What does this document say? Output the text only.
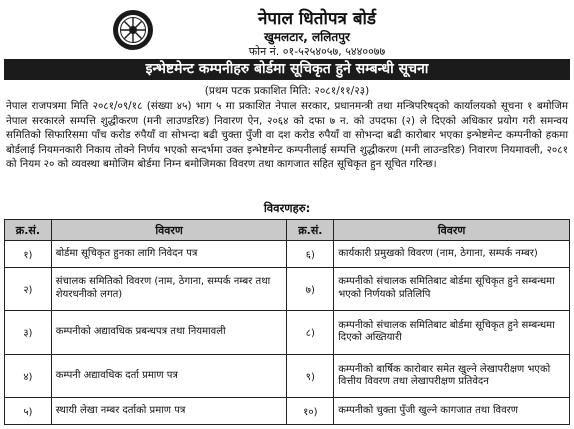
नेपाल धितोपत्र बोर्ड
खुमलटार, ललितपुर
फोन नं. ०१-५२५४०५७, ५४४००७७
इन्भेष्टमेन्ट कम्पनीहरु बोर्डमा सूचिकृत हुने सम्बन्धी सूचना
(प्रथम पटक प्रकाशित मिति: २०८१/११/२३)
नेपाल राजपत्रमा मिति २०८१/०९/१८ (संख्या ४५) भाग ५ मा प्रकाशित नेपाल सरकार, प्रधानमन्त्री तथा मन्त्रिपरिषद्को कार्यालयको सूचना १ बमोजिम नेपाल सरकारले सम्पत्ति शुद्धीकरण (मनी लाउण्डरिङ) निवारण ऐन, २०६४ को दफा ७ न. को उपदफा (२) ले दिएको अधिकार प्रयोग गरी समन्वय समितिको सिफारिसमा पाँच करोड रुपैयाँ वा सोभन्दा बढी चुक्ता पुँजी वा दश करोड रुपैयाँ वा सोभन्दा बढी कारोबार भएका इन्भेष्टमेन्ट कम्पनीको हकमा बोर्डलाई नियमनकारी निकाय तोक्ने निर्णय भएको सन्दर्भमा उक्त इन्भेष्टमेन्ट कम्पनीलाई सम्पत्ति शुद्धीकरण (मनी लाउन्डरिङ) निवारण नियमावली, २०८१ को नियम २० को व्यवस्था बमोजिम बोर्डमा निम्न बमोजिमका विवरण तथा कागजात सहित सूचिकृत हुन सूचित गरिन्छ।
विवरणहरु:
क्र.सं.	विवरण	क्र.सं.	विवरण
१)	बोर्डमा सूचिकृत हुनका लागि निवेदन पत्र	६)	कार्यकारी प्रमुखको विवरण (नाम, ठेगाना, सम्पर्क नम्बर)
२)	संचालक समितिको विवरण (नाम, ठेगाना, सम्पर्क नम्बर तथा शेयरधनीको लगत)	७)	कम्पनीको संचालक समितिबाट बोर्डमा सूचिकृत हुने सम्बन्धमा भएको निर्णयको प्रतिलिपि
३)	कम्पनीको अद्यावधिक प्रबन्धपत्र तथा नियमावली	८)	कम्पनीको संचालक समितिबाट बोर्डमा सूचिकृत हुने सम्बन्धमा दिएको अख्तियारी
४)	कम्पनी अद्यावधिक दर्ता प्रमाण पत्र	९)	कम्पनीको बार्षिक कारोबार समेत खुल्ने लेखापरीक्षण भएको वित्तीय विवरण तथा लेखापरीक्षण प्रतिवेदन
५)	स्थायी लेखा नम्बर दर्ताको प्रमाण पत्र	१०)	कम्पनीको चुक्ता पुँजी खुल्ने कागजात तथा विवरण
